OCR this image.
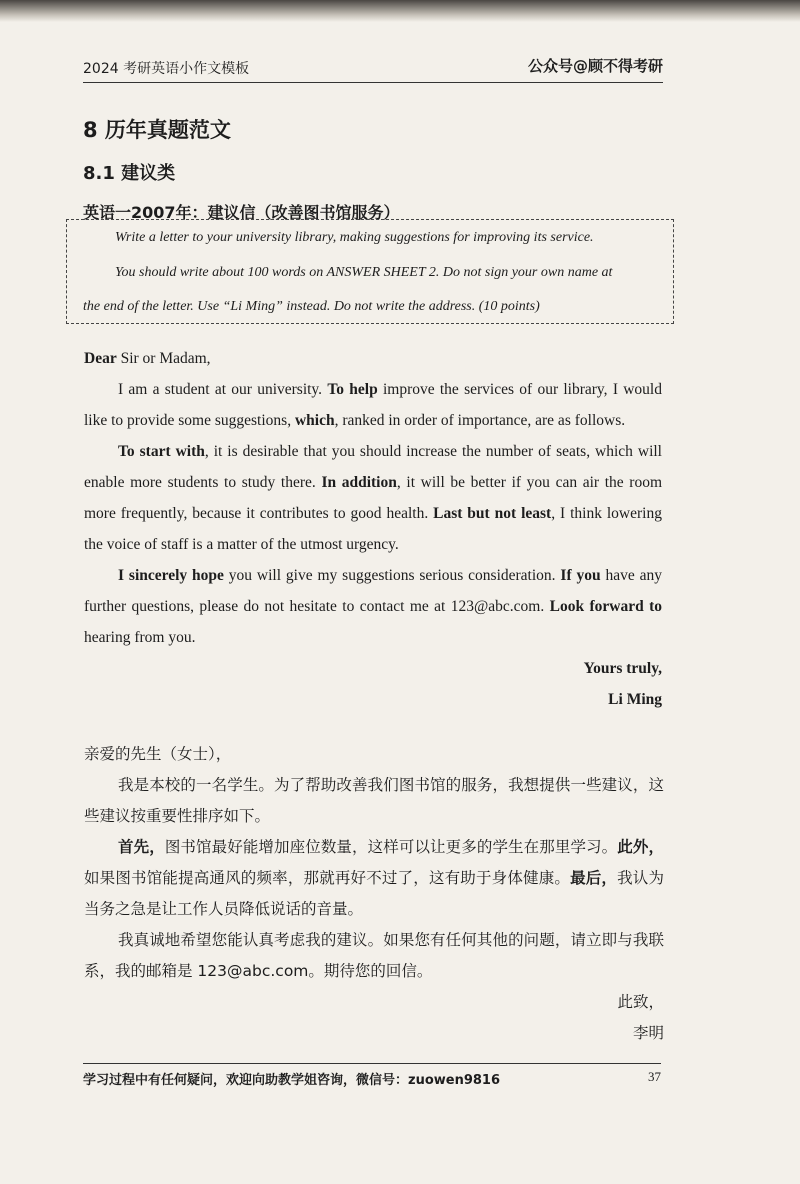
2024 考研英语小作文模板	公众号@顾不得考研
8 历年真题范文
8.1 建议类
英语一2007年：建议信（改善图书馆服务）
Write a letter to your university library, making suggestions for improving its service.
You should write about 100 words on ANSWER SHEET 2. Do not sign your own name at
the end of the letter. Use “Li Ming” instead. Do not write the address. (10 points)

Dear Sir or Madam,

I am a student at our university. To help improve the services of our library, I would like to provide some suggestions, which, ranked in order of importance, are as follows.

To start with, it is desirable that you should increase the number of seats, which will enable more students to study there. In addition, it will be better if you can air the room more frequently, because it contributes to good health. Last but not least, I think lowering the voice of staff is a matter of the utmost urgency.

I sincerely hope you will give my suggestions serious consideration. If you have any further questions, please do not hesitate to contact me at 123@abc.com. Look forward to hearing from you.

Yours truly,

Li Ming

亲爱的先生（女士），

我是本校的一名学生。为了帮助改善我们图书馆的服务，我想提供一些建议，这些建议按重要性排序如下。

首先，图书馆最好能增加座位数量，这样可以让更多的学生在那里学习。此外，如果图书馆能提高通风的频率，那就再好不过了，这有助于身体健康。最后，我认为当务之急是让工作人员降低说话的音量。

我真诚地希望您能认真考虑我的建议。如果您有任何其他的问题，请立即与我联系，我的邮箱是 123@abc.com。期待您的回信。

此致，

李明

学习过程中有任何疑问，欢迎向助教学姐咨询，微信号：zuowen9816	37
